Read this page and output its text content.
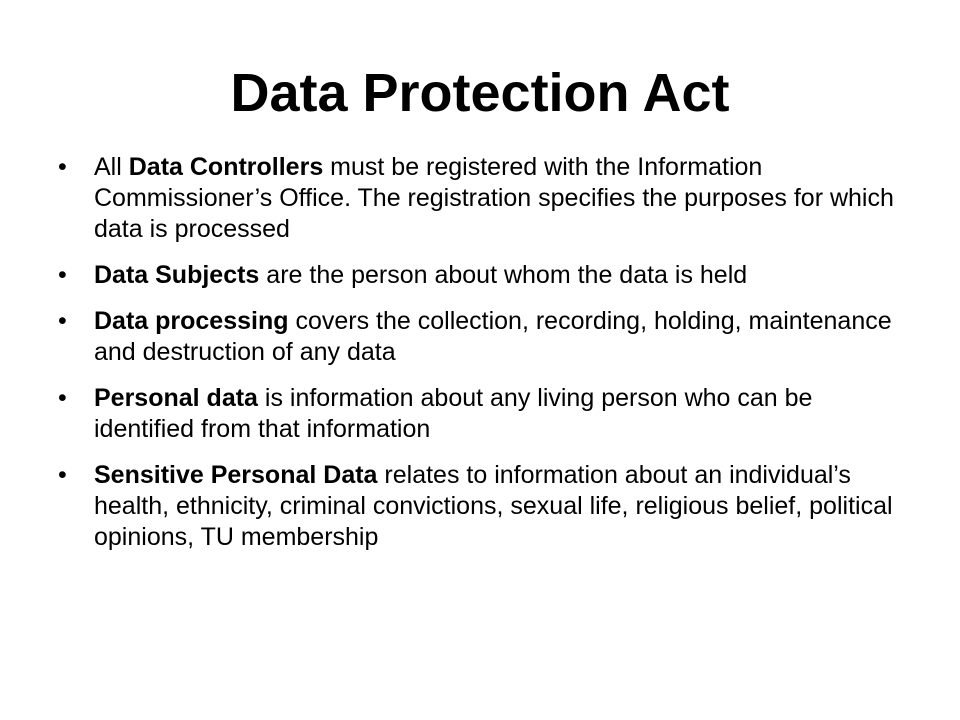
Data Protection Act
• All Data Controllers must be registered with the Information Commissioner’s Office. The registration specifies the purposes for which data is processed
• Data Subjects are the person about whom the data is held
• Data processing covers the collection, recording, holding, maintenance and destruction of any data
• Personal data is information about any living person who can be identified from that information
• Sensitive Personal Data relates to information about an individual’s health, ethnicity, criminal convictions, sexual life, religious belief, political opinions, TU membership
